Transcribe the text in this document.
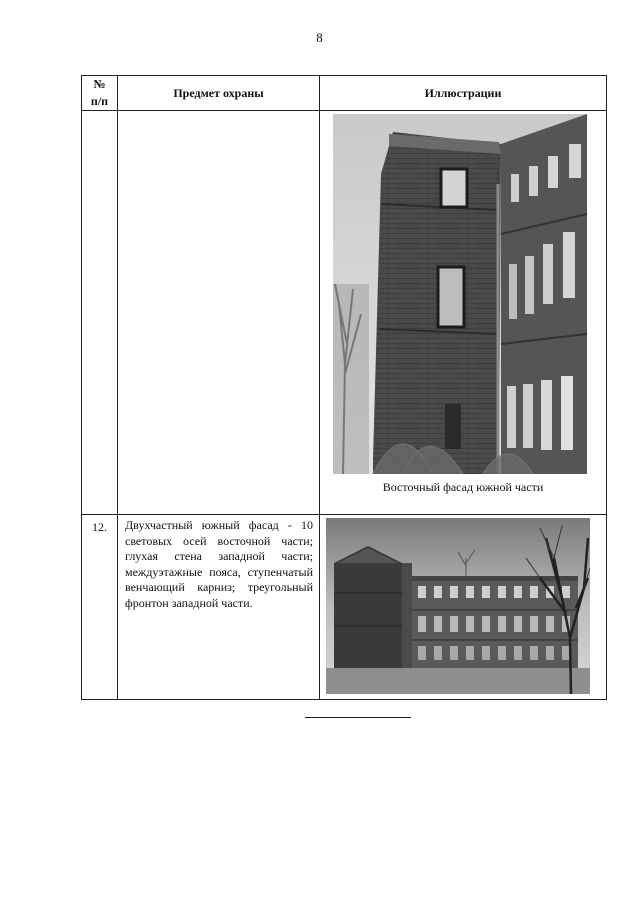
8
№
п/п	Предмет охраны	Иллюстрации

		Восточный фасад южной части

12.	Двухчастный южный фасад - 10 световых осей восточной части; глухая стена западной части; междуэтажные пояса, ступенчатый венчающий карниз; треугольный фронтон западной части.	
